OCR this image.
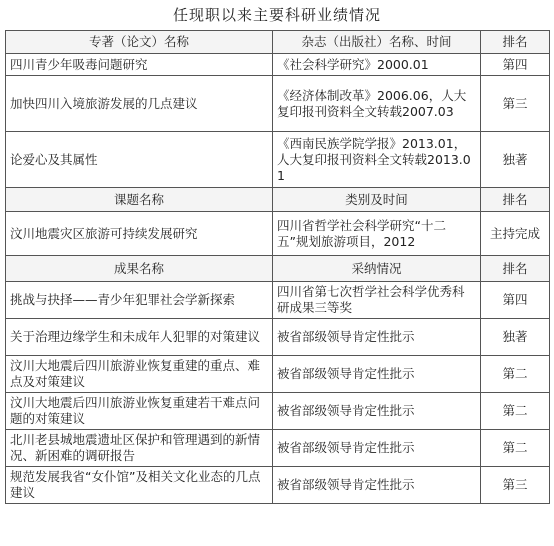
任现职以来主要科研业绩情况
专著（论文）名称	杂志（出版社）名称、时间	排名
四川青少年吸毒问题研究	《社会科学研究》2000.01	第四
加快四川入境旅游发展的几点建议	《经济体制改革》2006.06，人大复印报刊资料全文转载2007.03	第三
论爱心及其属性	《西南民族学院学报》2013.01，人大复印报刊资料全文转载2013.01	独著
课题名称	类别及时间	排名
汶川地震灾区旅游可持续发展研究	四川省哲学社会科学研究“十二五”规划旅游项目，2012	主持完成
成果名称	采纳情况	排名
挑战与抉择——青少年犯罪社会学新探索	四川省第七次哲学社会科学优秀科研成果三等奖	第四
关于治理边缘学生和未成年人犯罪的对策建议	被省部级领导肯定性批示	独著
汶川大地震后四川旅游业恢复重建的重点、难点及对策建议	被省部级领导肯定性批示	第二
汶川大地震后四川旅游业恢复重建若干难点问题的对策建议	被省部级领导肯定性批示	第二
北川老县城地震遗址区保护和管理遇到的新情况、新困难的调研报告	被省部级领导肯定性批示	第二
规范发展我省“女仆馆”及相关文化业态的几点建议	被省部级领导肯定性批示	第三
